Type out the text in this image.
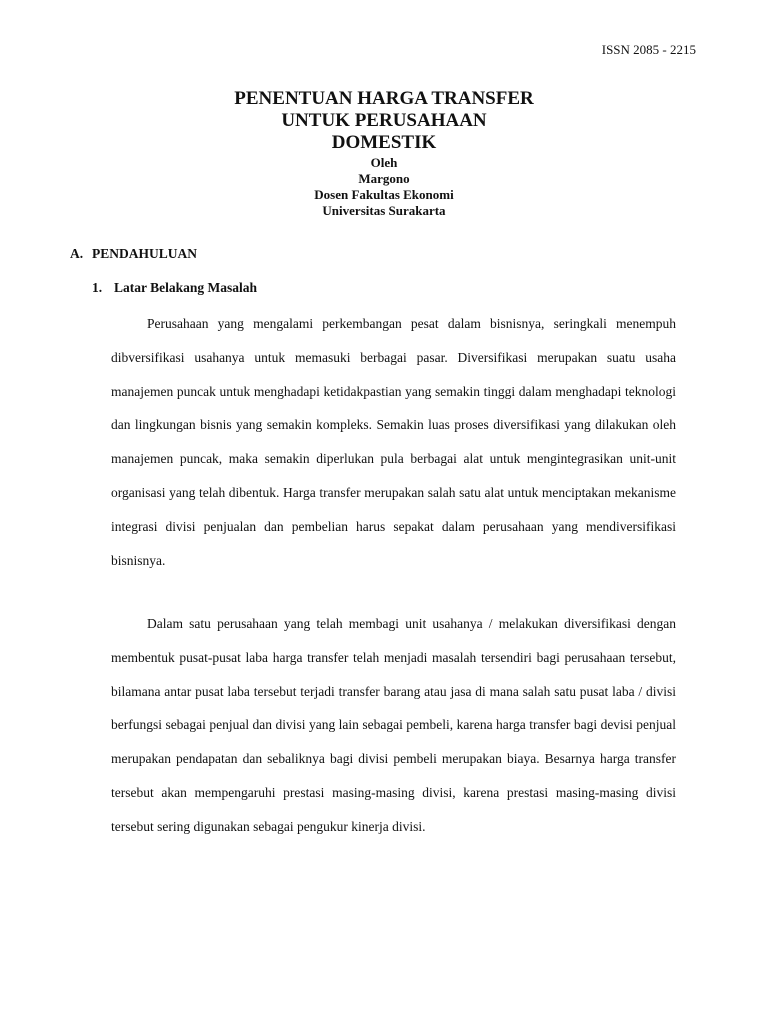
ISSN 2085 - 2215
PENENTUAN HARGA TRANSFER
UNTUK PERUSAHAAN
DOMESTIK
Oleh
Margono
Dosen Fakultas Ekonomi
Universitas Surakarta
A. PENDAHULUAN
1. Latar Belakang Masalah

Perusahaan yang mengalami perkembangan pesat dalam bisnisnya, seringkali menempuh dibversifikasi usahanya untuk memasuki berbagai pasar. Diversifikasi merupakan suatu usaha manajemen puncak untuk menghadapi ketidakpastian yang semakin tinggi dalam menghadapi teknologi dan lingkungan bisnis yang semakin kompleks. Semakin luas proses diversifikasi yang dilakukan oleh manajemen puncak, maka semakin diperlukan pula berbagai alat untuk mengintegrasikan unit-unit organisasi yang telah dibentuk. Harga transfer merupakan salah satu alat untuk menciptakan mekanisme integrasi divisi penjualan dan pembelian harus sepakat dalam perusahaan yang mendiversifikasi bisnisnya.

Dalam satu perusahaan yang telah membagi unit usahanya / melakukan diversifikasi dengan membentuk pusat-pusat laba harga transfer telah menjadi masalah tersendiri bagi perusahaan tersebut, bilamana antar pusat laba tersebut terjadi transfer barang atau jasa di mana salah satu pusat laba / divisi berfungsi sebagai penjual dan divisi yang lain sebagai pembeli, karena harga transfer bagi devisi penjual merupakan pendapatan dan sebaliknya bagi divisi pembeli merupakan biaya. Besarnya harga transfer tersebut akan mempengaruhi prestasi masing-masing divisi, karena prestasi masing-masing divisi tersebut sering digunakan sebagai pengukur kinerja divisi.
